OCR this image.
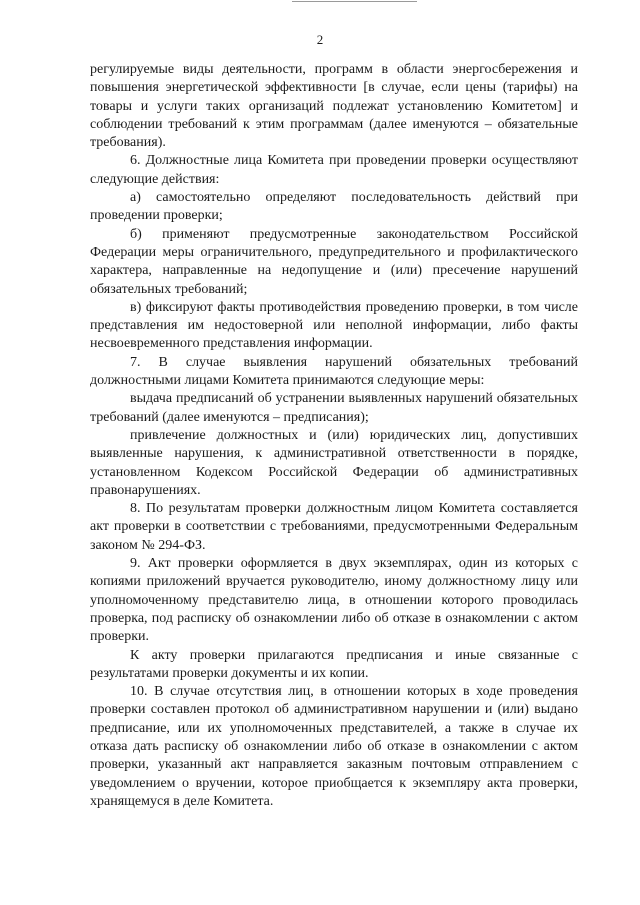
2

регулируемые виды деятельности, программ в области энергосбережения и повышения энергетической эффективности [в случае, если цены (тарифы) на товары и услуги таких организаций подлежат установлению Комитетом] и соблюдении требований к этим программам (далее именуются – обязательные требования).

6. Должностные лица Комитета при проведении проверки осуществляют следующие действия:

а) самостоятельно определяют последовательность действий при проведении проверки;

б) применяют предусмотренные законодательством Российской Федерации меры ограничительного, предупредительного и профилактического характера, направленные на недопущение и (или) пресечение нарушений обязательных требований;

в) фиксируют факты противодействия проведению проверки, в том числе представления им недостоверной или неполной информации, либо факты несвоевременного представления информации.

7. В случае выявления нарушений обязательных требований должностными лицами Комитета принимаются следующие меры:

выдача предписаний об устранении выявленных нарушений обязательных требований (далее именуются – предписания);

привлечение должностных и (или) юридических лиц, допустивших выявленные нарушения, к административной ответственности в порядке, установленном Кодексом Российской Федерации об административных правонарушениях.

8. По результатам проверки должностным лицом Комитета составляется акт проверки в соответствии с требованиями, предусмотренными Федеральным законом № 294-ФЗ.

9. Акт проверки оформляется в двух экземплярах, один из которых с копиями приложений вручается руководителю, иному должностному лицу или уполномоченному представителю лица, в отношении которого проводилась проверка, под расписку об ознакомлении либо об отказе в ознакомлении с актом проверки.

К акту проверки прилагаются предписания и иные связанные с результатами проверки документы и их копии.

10. В случае отсутствия лиц, в отношении которых в ходе проведения проверки составлен протокол об административном нарушении и (или) выдано предписание, или их уполномоченных представителей, а также в случае их отказа дать расписку об ознакомлении либо об отказе в ознакомлении с актом проверки, указанный акт направляется заказным почтовым отправлением с уведомлением о вручении, которое приобщается к экземпляру акта проверки, хранящемуся в деле Комитета.
